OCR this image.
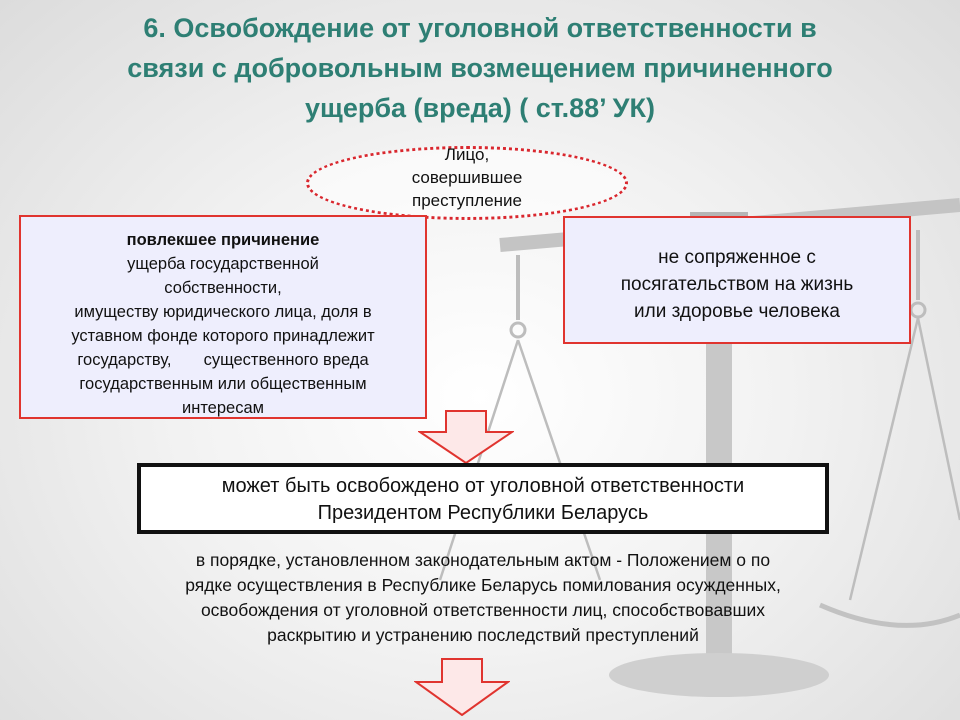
6. Освобождение от уголовной ответственности в
связи с добровольным возмещением причиненного
ущерба (вреда) ( ст.88’ УК)
Лицо,
совершившее
преступление
повлекшее причинение
ущерба государственной
собственности,
имуществу юридического лица, доля в
уставном фонде которого принадлежит
государству,       существенного вреда
государственным или общественным
интересам
не сопряженное с
посягательством на жизнь
или здоровье человека
может быть освобождено от уголовной ответственности
Президентом Республики Беларусь
в порядке, установленном законодательным актом - Положением о по
рядке осуществления в Республике Беларусь помилования осужденных,
освобождения от уголовной ответственности лиц, способствовавших
раскрытию и устранению последствий преступлений
